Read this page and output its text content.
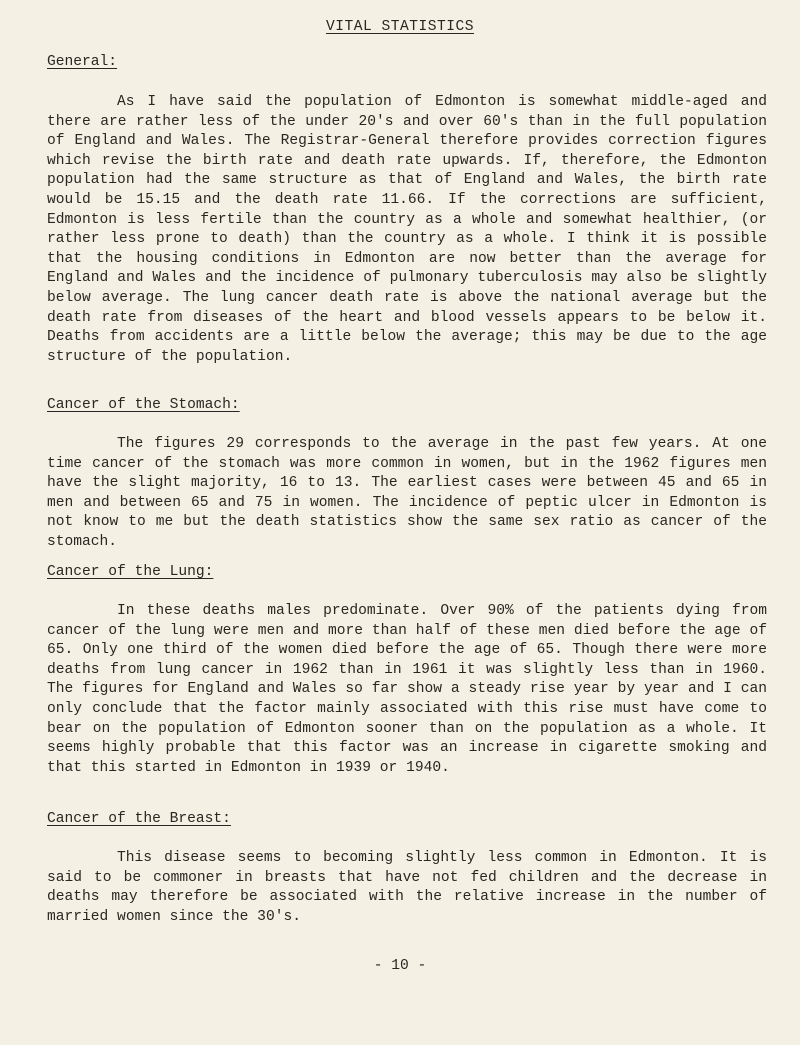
VITAL STATISTICS
General:

As I have said the population of Edmonton is somewhat middle-aged and there are rather less of the under 20's and over 60's than in the full population of England and Wales. The Registrar-General therefore provides correction figures which revise the birth rate and death rate upwards. If, therefore, the Edmonton population had the same structure as that of England and Wales, the birth rate would be 15.15 and the death rate 11.66. If the corrections are sufficient, Edmonton is less fertile than the country as a whole and somewhat healthier, (or rather less prone to death) than the country as a whole. I think it is possible that the housing conditions in Edmonton are now better than the average for England and Wales and the incidence of pulmonary tuberculosis may also be slightly below average. The lung cancer death rate is above the national average but the death rate from diseases of the heart and blood vessels appears to be below it. Deaths from accidents are a little below the average; this may be due to the age structure of the population.

Cancer of the Stomach:

The figures 29 corresponds to the average in the past few years. At one time cancer of the stomach was more common in women, but in the 1962 figures men have the slight majority, 16 to 13. The earliest cases were between 45 and 65 in men and between 65 and 75 in women. The incidence of peptic ulcer in Edmonton is not know to me but the death statistics show the same sex ratio as cancer of the stomach.

Cancer of the Lung:

In these deaths males predominate. Over 90% of the patients dying from cancer of the lung were men and more than half of these men died before the age of 65. Only one third of the women died before the age of 65. Though there were more deaths from lung cancer in 1962 than in 1961 it was slightly less than in 1960. The figures for England and Wales so far show a steady rise year by year and I can only conclude that the factor mainly associated with this rise must have come to bear on the population of Edmonton sooner than on the population as a whole. It seems highly probable that this factor was an increase in cigarette smoking and that this started in Edmonton in 1939 or 1940.

Cancer of the Breast:

This disease seems to becoming slightly less common in Edmonton. It is said to be commoner in breasts that have not fed children and the decrease in deaths may therefore be associated with the relative increase in the number of married women since the 30's.

- 10 -
